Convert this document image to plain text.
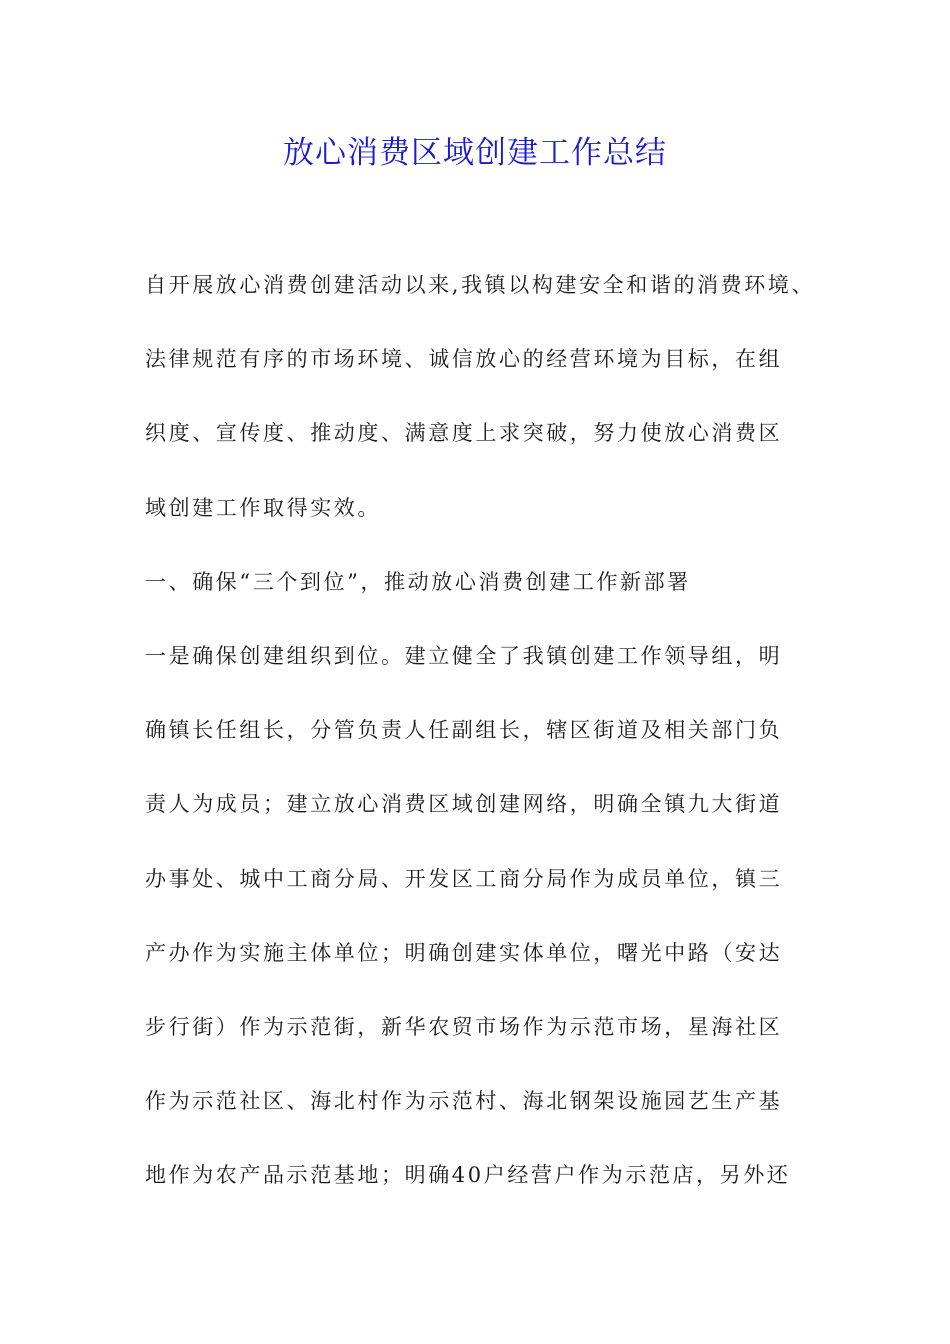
放心消费区域创建工作总结
自开展放心消费创建活动以来,我镇以构建安全和谐的消费环境、
法律规范有序的市场环境、诚信放心的经营环境为目标，在组
织度、宣传度、推动度、满意度上求突破，努力使放心消费区
域创建工作取得实效。
一、确保“三个到位”，推动放心消费创建工作新部署
一是确保创建组织到位。建立健全了我镇创建工作领导组，明
确镇长任组长，分管负责人任副组长，辖区街道及相关部门负
责人为成员；建立放心消费区域创建网络，明确全镇九大街道
办事处、城中工商分局、开发区工商分局作为成员单位，镇三
产办作为实施主体单位；明确创建实体单位，曙光中路（安达
步行街）作为示范街，新华农贸市场作为示范市场，星海社区
作为示范社区、海北村作为示范村、海北钢架设施园艺生产基
地作为农产品示范基地；明确40户经营户作为示范店，另外还
